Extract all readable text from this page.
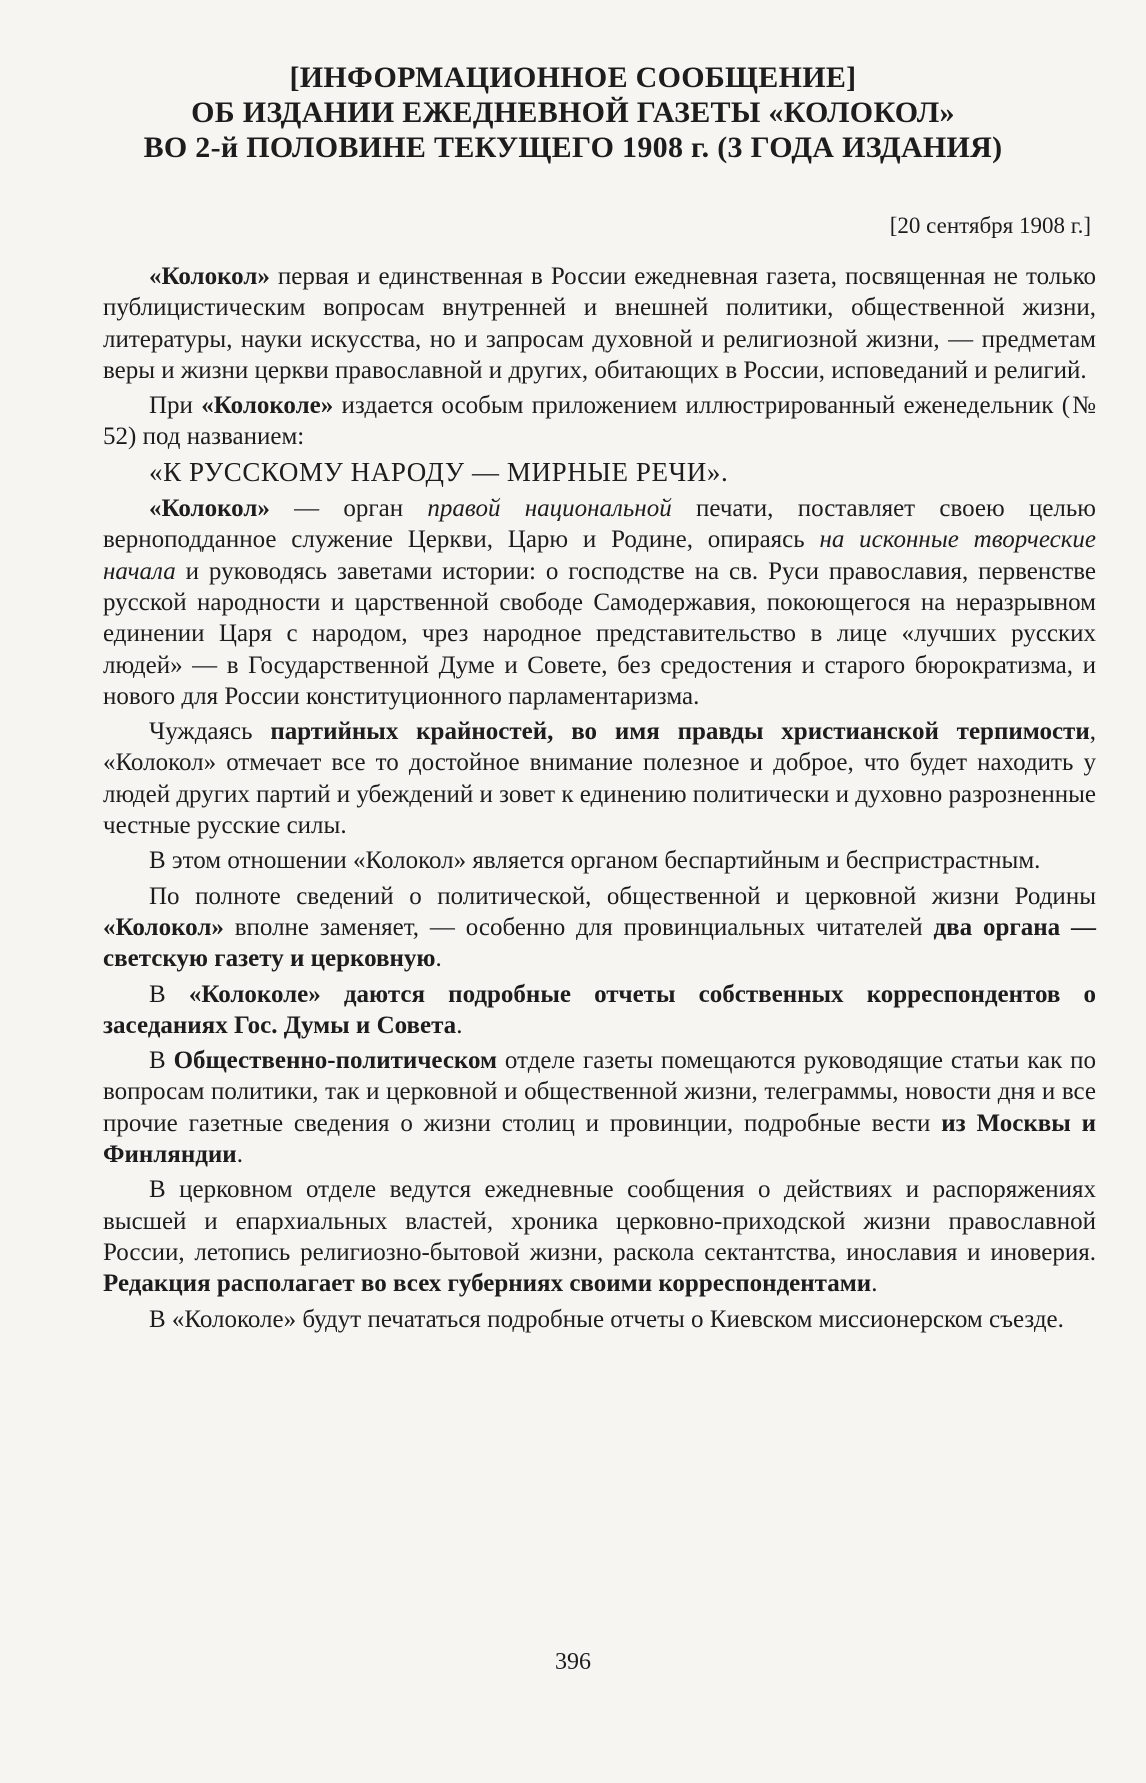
[ИНФОРМАЦИОННОЕ СООБЩЕНИЕ]
ОБ ИЗДАНИИ ЕЖЕДНЕВНОЙ ГАЗЕТЫ «КОЛОКОЛ»
ВО 2-й ПОЛОВИНЕ ТЕКУЩЕГО 1908 г. (3 ГОДА ИЗДАНИЯ)
[20 сентября 1908 г.]

«Колокол» первая и единственная в России ежедневная газета, посвященная не только публицистическим вопросам внутренней и внешней политики, общественной жизни, литературы, науки искусства, но и запросам духовной и религиозной жизни, — предметам веры и жизни церкви православной и других, обитающих в России, исповеданий и религий.

При «Колоколе» издается особым приложением иллюстрированный еженедельник (№ 52) под названием:

«К РУССКОМУ НАРОДУ — МИРНЫЕ РЕЧИ».

«Колокол» — орган правой национальной печати, поставляет своею целью верноподданное служение Церкви, Царю и Родине, опираясь на исконные творческие начала и руководясь заветами истории: о господстве на св. Руси православия, первенстве русской народности и царственной свободе Самодержавия, покоющегося на неразрывном единении Царя с народом, чрез народное представительство в лице «лучших русских людей» — в Государственной Думе и Совете, без средостения и старого бюрократизма, и нового для России конституционного парламентаризма.

Чуждаясь партийных крайностей, во имя правды христианской терпимости, «Колокол» отмечает все то достойное внимание полезное и доброе, что будет находить у людей других партий и убеждений и зовет к единению политически и духовно разрозненные честные русские силы.

В этом отношении «Колокол» является органом беспартийным и беспристрастным.

По полноте сведений о политической, общественной и церковной жизни Родины «Колокол» вполне заменяет, — особенно для провинциальных читателей два органа — светскую газету и церковную.

В «Колоколе» даются подробные отчеты собственных корреспондентов о заседаниях Гос. Думы и Совета.

В Общественно-политическом отделе газеты помещаются руководящие статьи как по вопросам политики, так и церковной и общественной жизни, телеграммы, новости дня и все прочие газетные сведения о жизни столиц и провинции, подробные вести из Москвы и Финляндии.

В церковном отделе ведутся ежедневные сообщения о действиях и распоряжениях высшей и епархиальных властей, хроника церковно-приходской жизни православной России, летопись религиозно-бытовой жизни, раскола сектантства, инославия и иноверия. Редакция располагает во всех губерниях своими корреспондентами.

В «Колоколе» будут печататься подробные отчеты о Киевском миссионерском съезде.

396
